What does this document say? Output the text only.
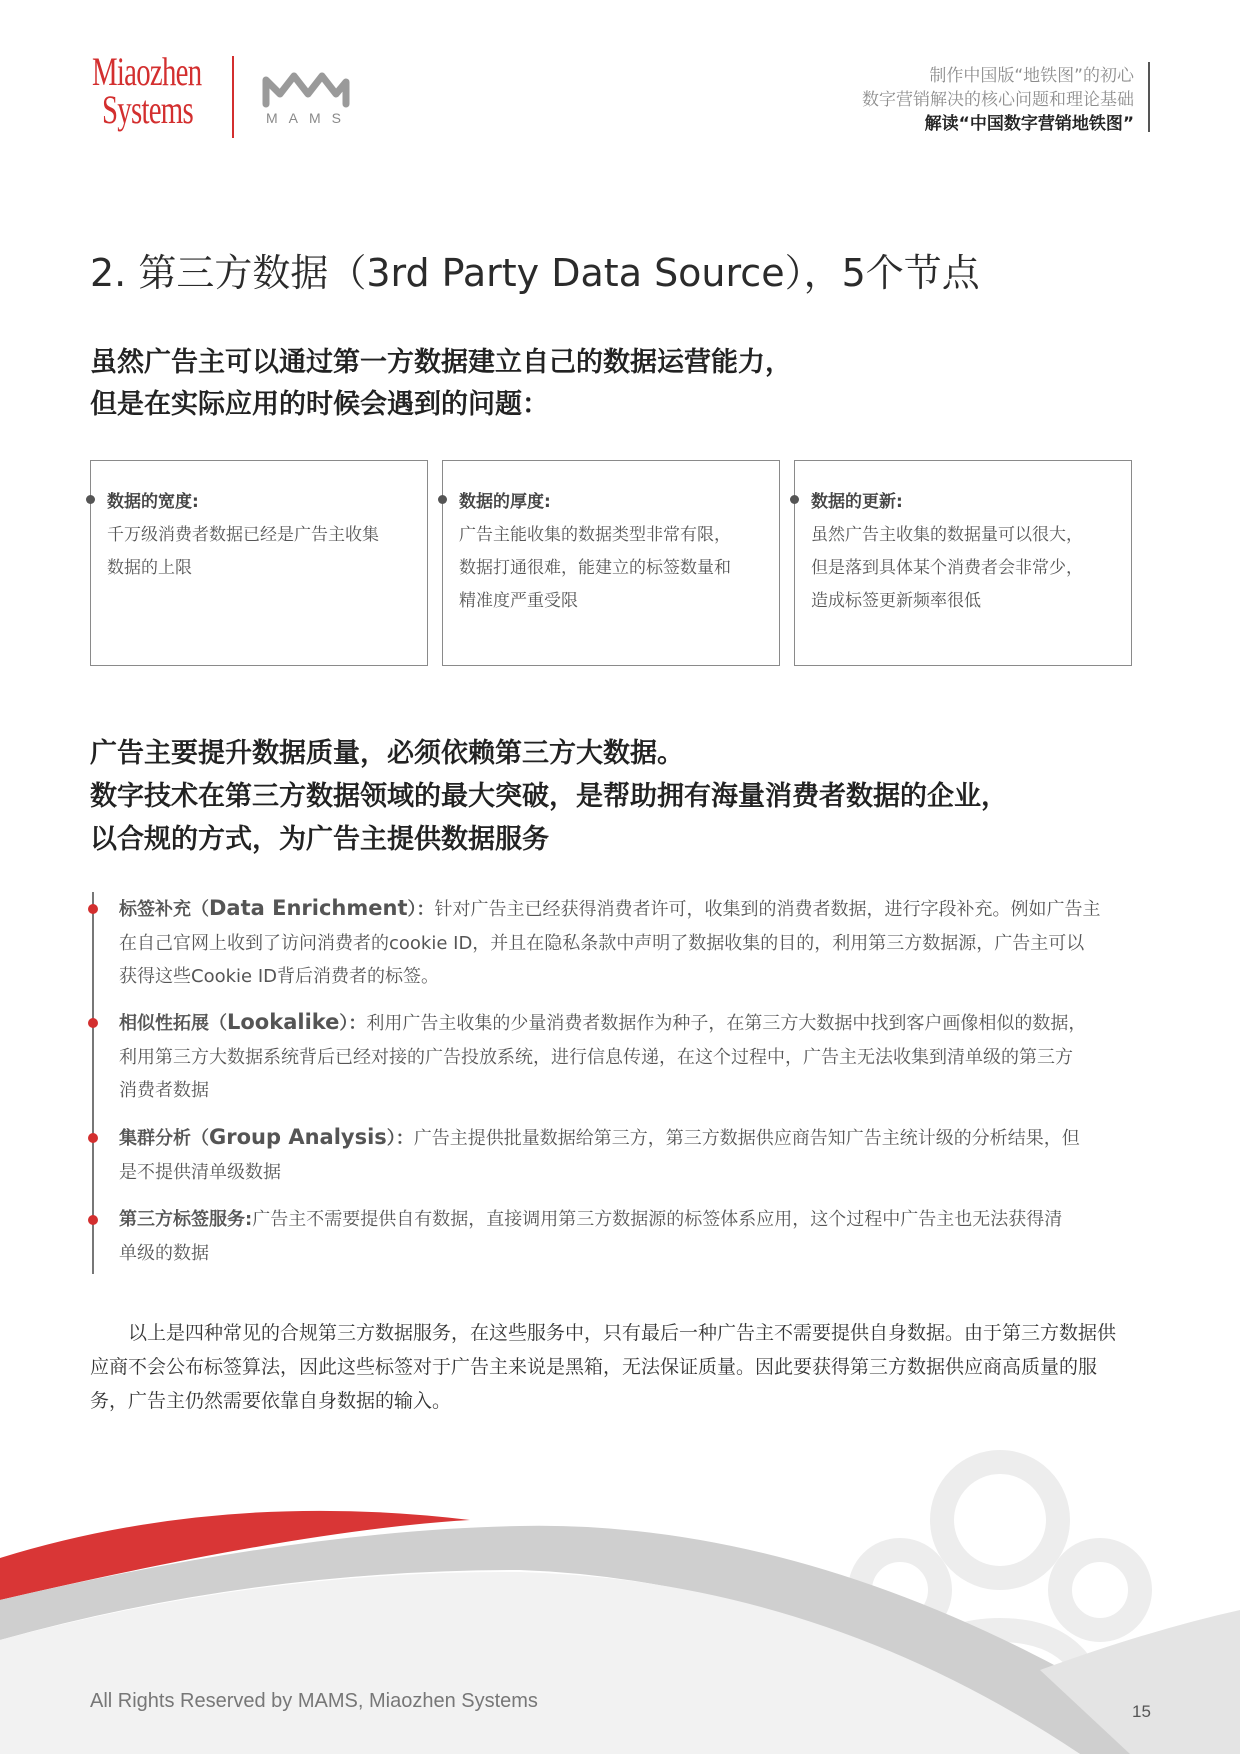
Miaozhen
Systems	MAMS
制作中国版“地铁图”的初心
数字营销解决的核心问题和理论基础
解读“中国数字营销地铁图”
2. 第三方数据（3rd Party Data Source），5个节点
虽然广告主可以通过第一方数据建立自己的数据运营能力，
但是在实际应用的时候会遇到的问题：
数据的宽度:
千万级消费者数据已经是广告主收集
数据的上限
数据的厚度:
广告主能收集的数据类型非常有限，
数据打通很难，能建立的标签数量和
精准度严重受限
数据的更新:
虽然广告主收集的数据量可以很大，
但是落到具体某个消费者会非常少，
造成标签更新频率很低
广告主要提升数据质量，必须依赖第三方大数据。
数字技术在第三方数据领域的最大突破，是帮助拥有海量消费者数据的企业，
以合规的方式，为广告主提供数据服务
标签补充（Data Enrichment）：针对广告主已经获得消费者许可，收集到的消费者数据，进行字段补充。例如广告主
在自己官网上收到了访问消费者的cookie ID，并且在隐私条款中声明了数据收集的目的，利用第三方数据源，广告主可以
获得这些Cookie ID背后消费者的标签。
相似性拓展（Lookalike）：利用广告主收集的少量消费者数据作为种子，在第三方大数据中找到客户画像相似的数据，
利用第三方大数据系统背后已经对接的广告投放系统，进行信息传递，在这个过程中，广告主无法收集到清单级的第三方
消费者数据
集群分析（Group Analysis）：广告主提供批量数据给第三方，第三方数据供应商告知广告主统计级的分析结果，但
是不提供清单级数据
第三方标签服务:广告主不需要提供自有数据，直接调用第三方数据源的标签体系应用，这个过程中广告主也无法获得清
单级的数据
以上是四种常见的合规第三方数据服务，在这些服务中，只有最后一种广告主不需要提供自身数据。由于第三方数据供应商不会公布标签算法，因此这些标签对于广告主来说是黑箱，无法保证质量。因此要获得第三方数据供应商高质量的服务，广告主仍然需要依靠自身数据的输入。
All Rights Reserved by MAMS, Miaozhen Systems	15
